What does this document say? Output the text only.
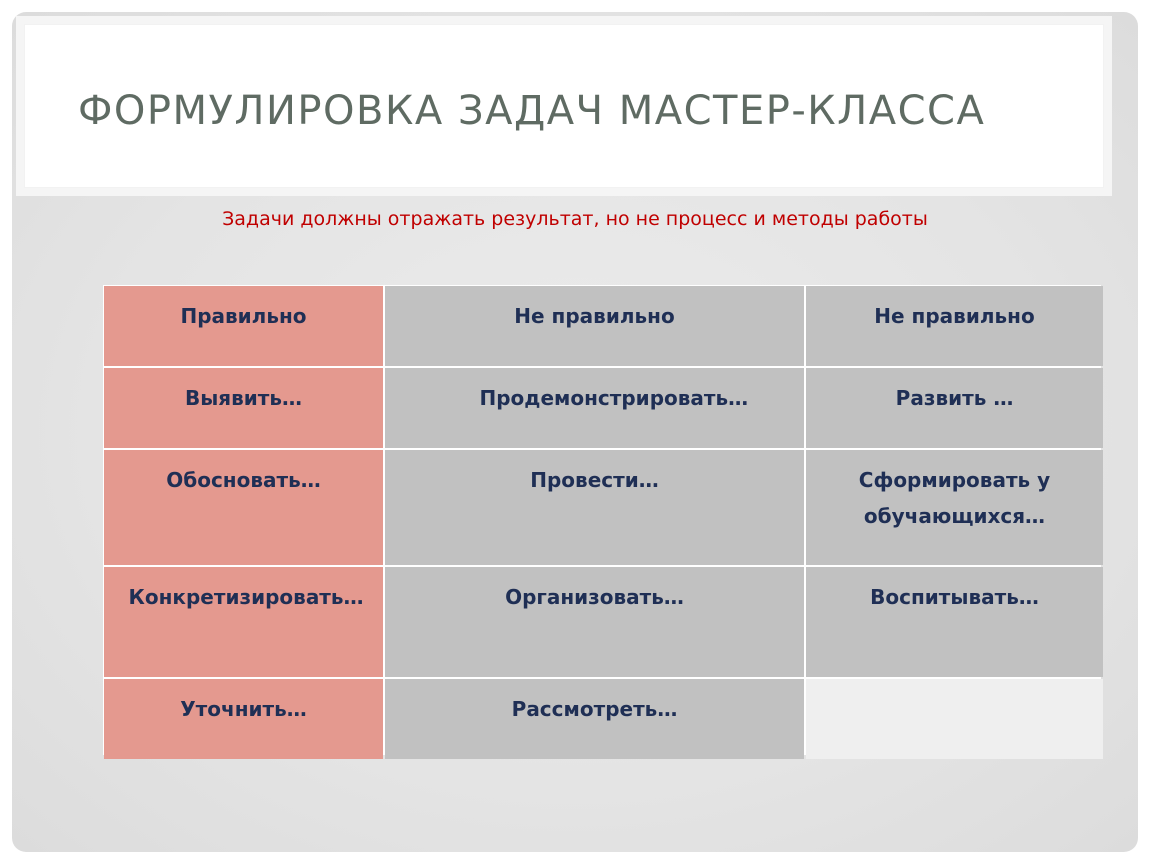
ФОРМУЛИРОВКА ЗАДАЧ МАСТЕР-КЛАССА
Задачи должны отражать результат, но не процесс и методы работы
Правильно	Не правильно	Не правильно
Выявить…	Продемонстрировать…	Развить …
Обосновать…	Провести…	Сформировать у обучающихся…
Конкретизировать…	Организовать…	Воспитывать…
Уточнить…	Рассмотреть…
